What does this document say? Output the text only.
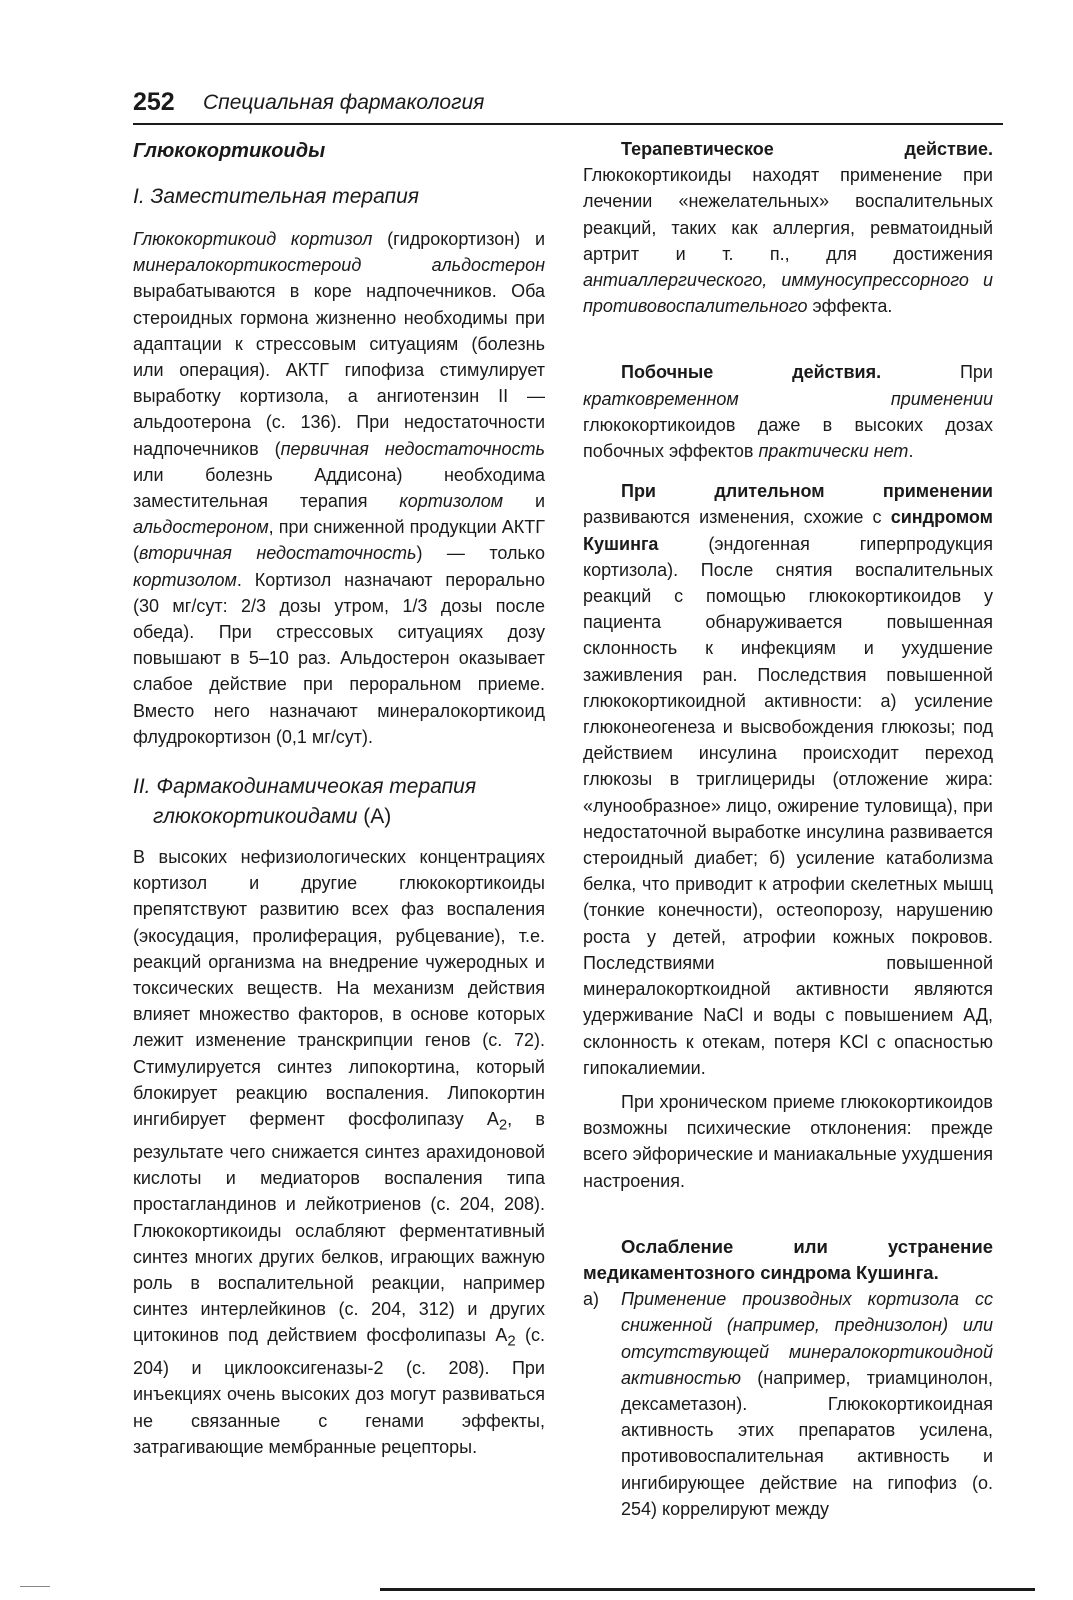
252 Специальная фармакология
Глюкокортикоиды
I. Заместительная терапия

Глюкокортикоид кортизол (гидрокортизон) и минералокортикостероид альдостерон вырабатываются в коре надпочечников. Оба стероидных гормона жизненно необходимы при адаптации к стрессовым ситуациям (болезнь или операция). АКТГ гипофиза стимулирует выработку кортизола, а ангиотензин II — альдоотерона (с. 136). При недостаточности надпочечников (первичная недостаточность или болезнь Аддисона) необходима заместительная терапия кортизолом и альдостероном, при сниженной продукции АКТГ (вторичная недостаточность) — только кортизолом. Кортизол назначают перорально (30 мг/сут: 2/3 дозы утром, 1/3 дозы после обеда). При стрессовых ситуациях дозу повышают в 5–10 раз. Альдостерон оказывает слабое действие при пероральном приеме. Вместо него назначают минералокортикоид флудрокортизон (0,1 мг/сут).

II. Фармакодинамичеокая терапия
глюкокортикоидами (А)

В высоких нефизиологических концентрациях кортизол и другие глюкокортикоиды препятствуют развитию всех фаз воспаления (экосудация, пролиферация, рубцевание), т.е. реакций организма на внедрение чужеродных и токсических веществ. На механизм действия влияет множество факторов, в основе которых лежит изменение транскрипции генов (с. 72). Стимулируется синтез липокортина, который блокирует реакцию воспаления. Липокортин ингибирует фермент фосфолипазу $A_2$, в результате чего снижается синтез арахидоновой кислоты и медиаторов воспаления типа простагландинов и лейкотриенов (с. 204, 208). Глюкокортикоиды ослабляют ферментативный синтез многих других белков, играющих важную роль в воспалительной реакции, например синтез интерлейкинов (с. 204, 312) и других цитокинов под действием фосфолипазы $A_2$ (с. 204) и циклооксигеназы-2 (с. 208). При инъекциях очень высоких доз могут развиваться не связанные с генами эффекты, затрагивающие мембранные рецепторы.

Терапевтическое действие. Глюкокортикоиды находят применение при лечении «нежелательных» воспалительных реакций, таких как аллергия, ревматоидный артрит и т. п., для достижения антиаллергического, иммуносупрессорного и противовоспалительного эффекта.

Побочные действия. При кратковременном применении глюкокортикоидов даже в высоких дозах побочных эффектов практически нет.

При длительном применении развиваются изменения, схожие с синдромом Кушинга (эндогенная гиперпродукция кортизола). После снятия воспалительных реакций с помощью глюкокортикоидов у пациента обнаруживается повышенная склонность к инфекциям и ухудшение заживления ран. Последствия повышенной глюкокортикоидной активности: а) усиление глюконеогенеза и высвобождения глюкозы; под действием инсулина происходит переход глюкозы в триглицериды (отложение жира: «лунообразное» лицо, ожирение туловища), при недостаточной выработке инсулина развивается стероидный диабет; б) усиление катаболизма белка, что приводит к атрофии скелетных мышц (тонкие конечности), остеопорозу, нарушению роста у детей, атрофии кожных покровов. Последствиями повышенной минералокорткоидной активности являются удерживание NaCl и воды с повышением АД, склонность к отекам, потеря KCl с опасностью гипокалиемии.

При хроническом приеме глюкокортикоидов возможны психические отклонения: прежде всего эйфорические и маниакальные ухудшения настроения.

Ослабление или устранение медикаментозного синдрома Кушинга.

а) Применение производных кортизола сс сниженной (например, преднизолон) или отсутствующей минералокортикоидной активностью (например, триамцинолон, дексаметазон). Глюкокортикоидная активность этих препаратов усилена, противовоспалительная активность и ингибирующее действие на гипофиз (о. 254) коррелируют между
